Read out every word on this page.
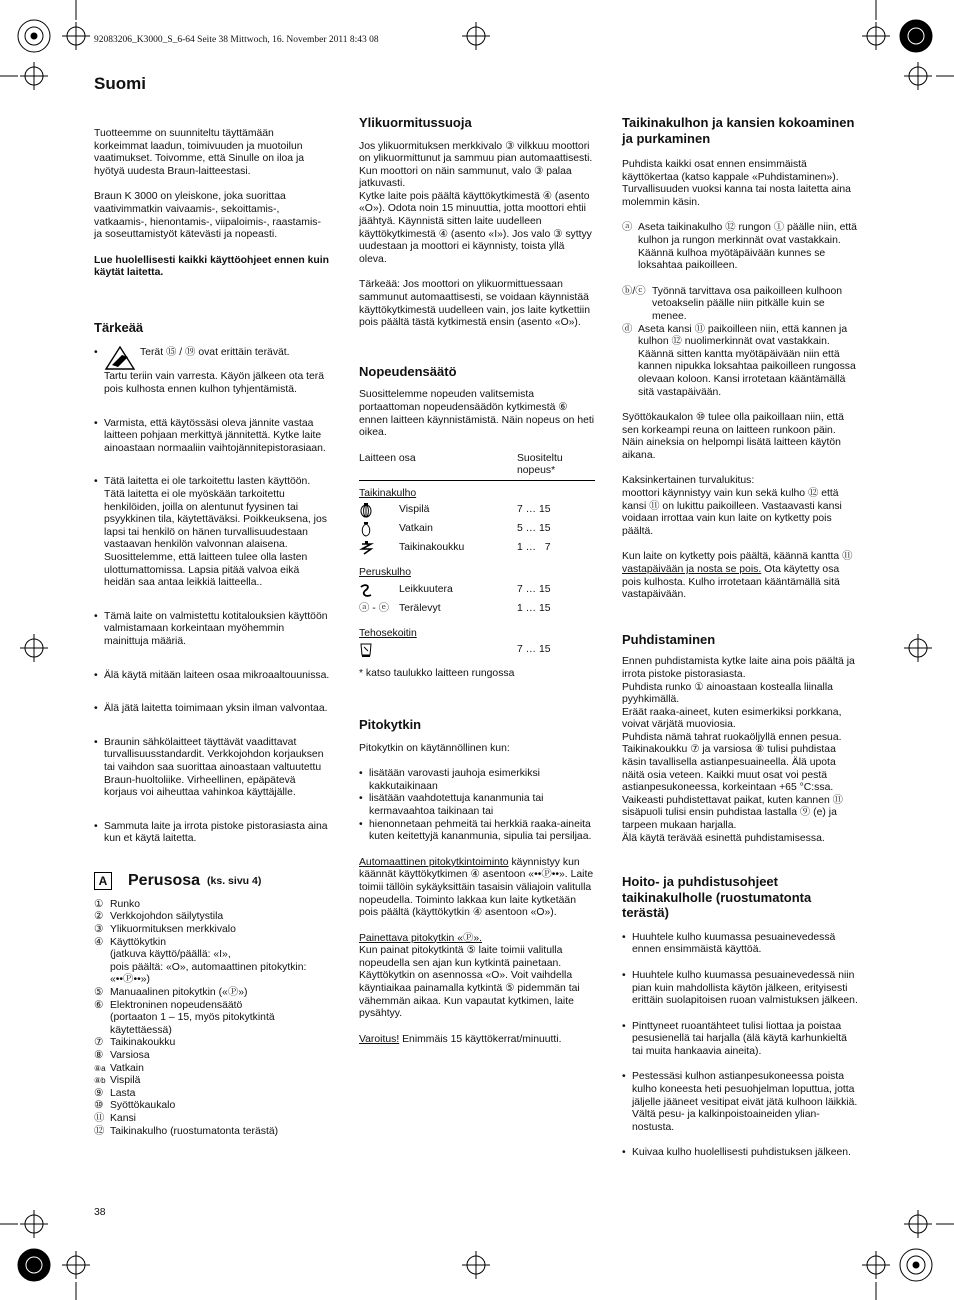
92083206_K3000_S_6-64 Seite 38 Mittwoch, 16. November 2011 8:43 08
Suomi

Tuotteemme on suunniteltu täyttämään korkeimmat laadun, toimivuuden ja muotoilun vaatimukset. Toivomme, että Sinulle on iloa ja hyötyä uudesta Braun-laitteestasi.

Braun K 3000 on yleiskone, joka suorittaa vaativimmatkin vaivaamis-, sekoittamis-, vatkaamis-, hienontamis-, viipaloimis-, raastamis- ja soseuttamistyöt kätevästi ja nopeasti.

Lue huolellisesti kaikki käyttöohjeet ennen kuin käytät laitetta.

Tärkeää
• Terät ⑮ / ⑲ ovat erittäin terävät.
Tartu teriin vain varresta. Käyön jälkeen ota terä pois kulhosta ennen kulhon tyhjentämistä.
• Varmista, että käytössäsi oleva jännite vastaa laitteen pohjaan merkittyä jännitettä. Kytke laite ainoastaan normaaliin vaihtojännitepistorasiaan.
• Tätä laitetta ei ole tarkoitettu lasten käyttöön. Tätä laitetta ei ole myöskään tarkoitettu henkilöiden, joilla on alentunut fyysinen tai psyykkinen tila, käytettäväksi. Poikkeuksena, jos lapsi tai henkilö on hänen turvallisuudestaan vastaavan henkilön valvonnan alaisena. Suosittelemme, että laitteen tulee olla lasten ulottumattomissa. Lapsia pitää valvoa eikä heidän saa antaa leikkiä laitteella..
• Tämä laite on valmistettu kotitalouksien käyttöön valmistamaan korkeintaan myöhemmin mainittuja määriä.
• Älä käytä mitään laiteen osaa mikroaaltouunissa.
• Älä jätä laitetta toimimaan yksin ilman valvontaa.
• Braunin sähkölaitteet täyttävät vaadittavat turvallisuusstandardit. Verkkojohdon korjauksen tai vaihdon saa suorittaa ainoastaan valtuutettu Braun-huoltoliike. Virheellinen, epäpätevä korjaus voi aiheuttaa vahinkoa käyttäjälle.
• Sammuta laite ja irrota pistoke pistorasiasta aina kun et käytä laitetta.
A Perusosa (ks. sivu 4)
① Runko
② Verkkojohdon säilytystila
③ Ylikuormituksen merkkivalo
④ Käyttökytkin
(jatkuva käyttö/päällä: «I»,
pois päältä: «O», automaattinen pitokytkin: «••Ⓟ••»)
⑤ Manuaalinen pitokytkin («Ⓟ»)
⑥ Elektroninen nopeudensäätö
(portaaton 1 – 15, myös pitokytkintä käytettäessä)
⑦ Taikinakoukku
⑧ Varsiosa
⑧a Vatkain
⑧b Vispilä
⑨ Lasta
⑩ Syöttökaukalo
⑪ Kansi
⑫ Taikinakulho (ruostumatonta terästä)
38
Ylikuormitussuoja

Jos ylikuormituksen merkkivalo ③ vilkkuu moottori on ylikuormittunut ja sammuu pian automaattisesti. Kun moottori on näin sammunut, valo ③ palaa jatkuvasti.
Kytke laite pois päältä käyttökytkimestä ④ (asento «O»). Odota noin 15 minuuttia, jotta moottori ehtii jäähtyä. Käynnistä sitten laite uudelleen käyttökytkimestä ④ (asento «I»). Jos valo ③ syttyy uudestaan ja moottori ei käynnisty, toista yllä oleva.

Tärkeää: Jos moottori on ylikuormittuessaan sammunut automaattisesti, se voidaan käynnistää käyttökytkimestä uudelleen vain, jos laite kytkettiin pois päältä tästä kytkimestä ensin (asento «O»).

Nopeudensäätö

Suosittelemme nopeuden valitsemista portaattoman nopeudensäädön kytkimestä ⑥ ennen laitteen käynnistämistä. Näin nopeus on heti oikea.

Laitteen osa	Suositeltu nopeus*
Taikinakulho
Vispilä	7 … 15
Vatkain	5 … 15
Taikinakoukku	1 …   7
Peruskulho
Leikkuutera	7 … 15
ⓐ - ⓔ Terälevyt	1 … 15
Tehosekoitin
7 … 15

* katso taulukko laitteen rungossa

Pitokytkin

Pitokytkin on käytännöllinen kun:

• lisätään varovasti jauhoja esimerkiksi kakkutaikinaan
• lisätään vaahdotettuja kananmunia tai kermavaahtoa taikinaan tai
• hienonnetaan pehmeitä tai herkkiä raaka-aineita kuten keitettyjä kananmunia, sipulia tai persiljaa.

Automaattinen pitokytkintoiminto käynnistyy kun käännät käyttökytkimen ④ asentoon «••Ⓟ••». Laite toimii tällöin sykäyksittäin tasaisin väliajoin valitulla nopeudella. Toiminto lakkaa kun laite kytketään pois päältä (käyttökytkin ④ asentoon «O»).

Painettava pitokytkin «Ⓟ».
Kun painat pitokytkintä ⑤ laite toimii valitulla nopeudella sen ajan kun kytkintä painetaan. Käyttökytkin on asennossa «O». Voit vaihdella käyntiaikaa painamalla kytkintä ⑤ pidemmän tai vähemmän aikaa. Kun vapautat kytkimen, laite pysähtyy.

Varoitus! Enimmäis 15 käyttökerrat/minuutti.

Taikinakulhon ja kansien kokoaminen ja purkaminen

Puhdista kaikki osat ennen ensimmäistä käyttökertaa (katso kappale «Puhdistaminen»). Turvallisuuden vuoksi kanna tai nosta laitetta aina molemmin käsin.

ⓐ Aseta taikinakulho ⑫ rungon ① päälle niin, että kulhon ja rungon merkinnät ovat vastakkain. Käännä kulhoa myötäpäivään kunnes se loksahtaa paikoilleen.
ⓑ/ⓒ Työnnä tarvittava osa paikoilleen kulhoon vetoakselin päälle niin pitkälle kuin se menee.
ⓓ Aseta kansi ⑪ paikoilleen niin, että kannen ja kulhon ⑫ nuolimerkinnät ovat vastakkain. Käännä sitten kantta myötäpäivään niin että kannen nipukka loksahtaa paikoilleen rungossa olevaan koloon. Kansi irrotetaan kääntämällä sitä vastapäivään.

Syöttökaukalon ⑩ tulee olla paikoillaan niin, että sen korkeampi reuna on laitteen runkoon päin. Näin aineksia on helpompi lisätä laitteen käytön aikana.

Kaksinkertainen turvalukitus:
moottori käynnistyy vain kun sekä kulho ⑫ että kansi ⑪ on lukittu paikoilleen. Vastaavasti kansi voidaan irrottaa vain kun laite on kytketty pois päältä.

Kun laite on kytketty pois päältä, käännä kantta ⑪ vastapäivään ja nosta se pois. Ota käytetty osa pois kulhosta. Kulho irrotetaan kääntämällä sitä vastapäivään.

Puhdistaminen

Ennen puhdistamista kytke laite aina pois päältä ja irrota pistoke pistorasiasta.
Puhdista runko ① ainoastaan kostealla liinalla pyyhkimällä.
Eräät raaka-aineet, kuten esimerkiksi porkkana, voivat värjätä muoviosia.
Puhdista nämä tahrat ruokaöljyllä ennen pesua.
Taikinakoukku ⑦ ja varsiosa ⑧ tulisi puhdistaa käsin tavallisella astianpesuaineella. Älä upota näitä osia veteen. Kaikki muut osat voi pestä astianpesukoneessa, korkeintaan +65 °C:ssa.
Vaikeasti puhdistettavat paikat, kuten kannen ⑪ sisäpuoli tulisi ensin puhdistaa lastalla ⑨ (e) ja tarpeen mukaan harjalla.
Älä käytä terävää esinettä puhdistamisessa.

Hoito- ja puhdistusohjeet taikinakulholle (ruostumatonta terästä)
• Huuhtele kulho kuumassa pesuainevedessä ennen ensimmäistä käyttöä.
• Huuhtele kulho kuumassa pesuainevedessä niin pian kuin mahdollista käytön jälkeen, erityisesti erittäin suolapitoisen ruoan valmistuksen jälkeen.
• Pinttyneet ruoantähteet tulisi liottaa ja poistaa pesusienellä tai harjalla (älä käytä karhunkieltä tai muita hankaavia aineita).
• Pestessäsi kulhon astianpesukoneessa poista kulho koneesta heti pesuohjelman loputtua, jotta jäljelle jääneet vesitipat eivät jätä kulhoon läikkiä.
Vältä pesu- ja kalkinpoistoaineiden ylian-nostusta.
• Kuivaa kulho huolellisesti puhdistuksen jälkeen.
